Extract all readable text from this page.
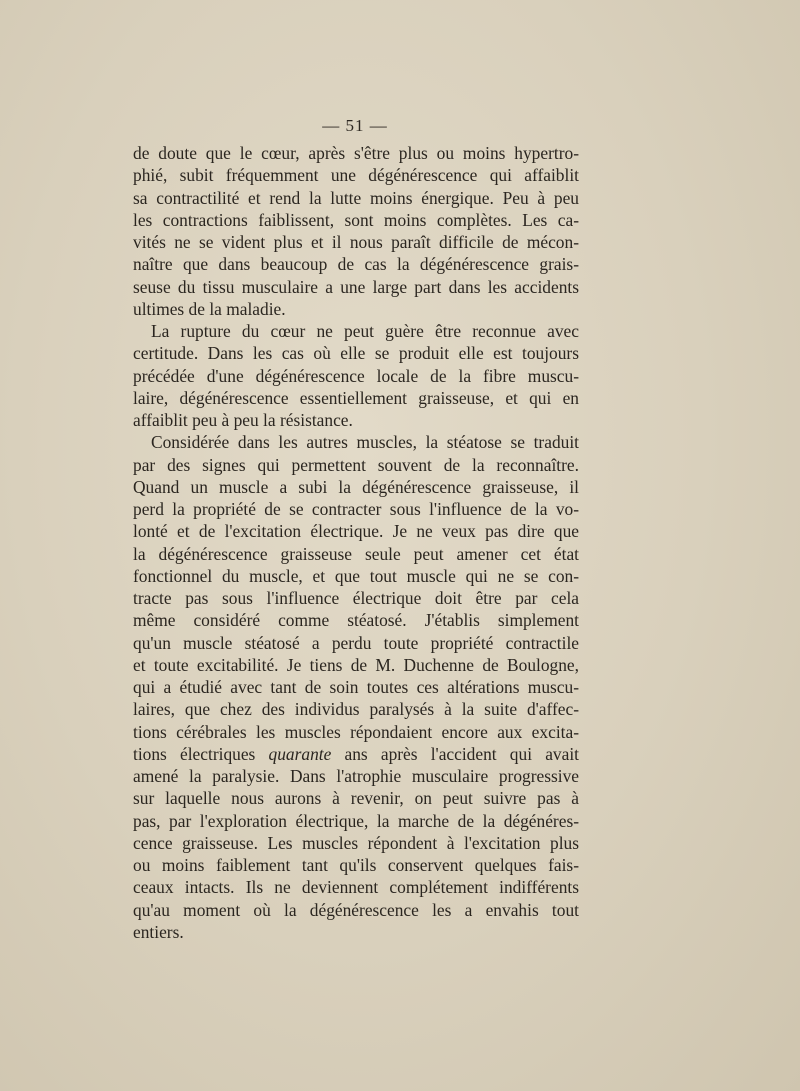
— 51 —
de doute que le cœur, après s'être plus ou moins hypertro-
phié, subit fréquemment une dégénérescence qui affaiblit
sa contractilité et rend la lutte moins énergique. Peu à peu
les contractions faiblissent, sont moins complètes. Les ca-
vités ne se vident plus et il nous paraît difficile de mécon-
naître que dans beaucoup de cas la dégénérescence grais-
seuse du tissu musculaire a une large part dans les accidents
ultimes de la maladie.
La rupture du cœur ne peut guère être reconnue avec
certitude. Dans les cas où elle se produit elle est toujours
précédée d'une dégénérescence locale de la fibre muscu-
laire, dégénérescence essentiellement graisseuse, et qui en
affaiblit peu à peu la résistance.
Considérée dans les autres muscles, la stéatose se traduit
par des signes qui permettent souvent de la reconnaître.
Quand un muscle a subi la dégénérescence graisseuse, il
perd la propriété de se contracter sous l'influence de la vo-
lonté et de l'excitation électrique. Je ne veux pas dire que
la dégénérescence graisseuse seule peut amener cet état
fonctionnel du muscle, et que tout muscle qui ne se con-
tracte pas sous l'influence électrique doit être par cela
même considéré comme stéatosé. J'établis simplement
qu'un muscle stéatosé a perdu toute propriété contractile
et toute excitabilité. Je tiens de M. Duchenne de Boulogne,
qui a étudié avec tant de soin toutes ces altérations muscu-
laires, que chez des individus paralysés à la suite d'affec-
tions cérébrales les muscles répondaient encore aux excita-
tions électriques quarante ans après l'accident qui avait
amené la paralysie. Dans l'atrophie musculaire progressive
sur laquelle nous aurons à revenir, on peut suivre pas à
pas, par l'exploration électrique, la marche de la dégénéres-
cence graisseuse. Les muscles répondent à l'excitation plus
ou moins faiblement tant qu'ils conservent quelques fais-
ceaux intacts. Ils ne deviennent complétement indifférents
qu'au moment où la dégénérescence les a envahis tout
entiers.
